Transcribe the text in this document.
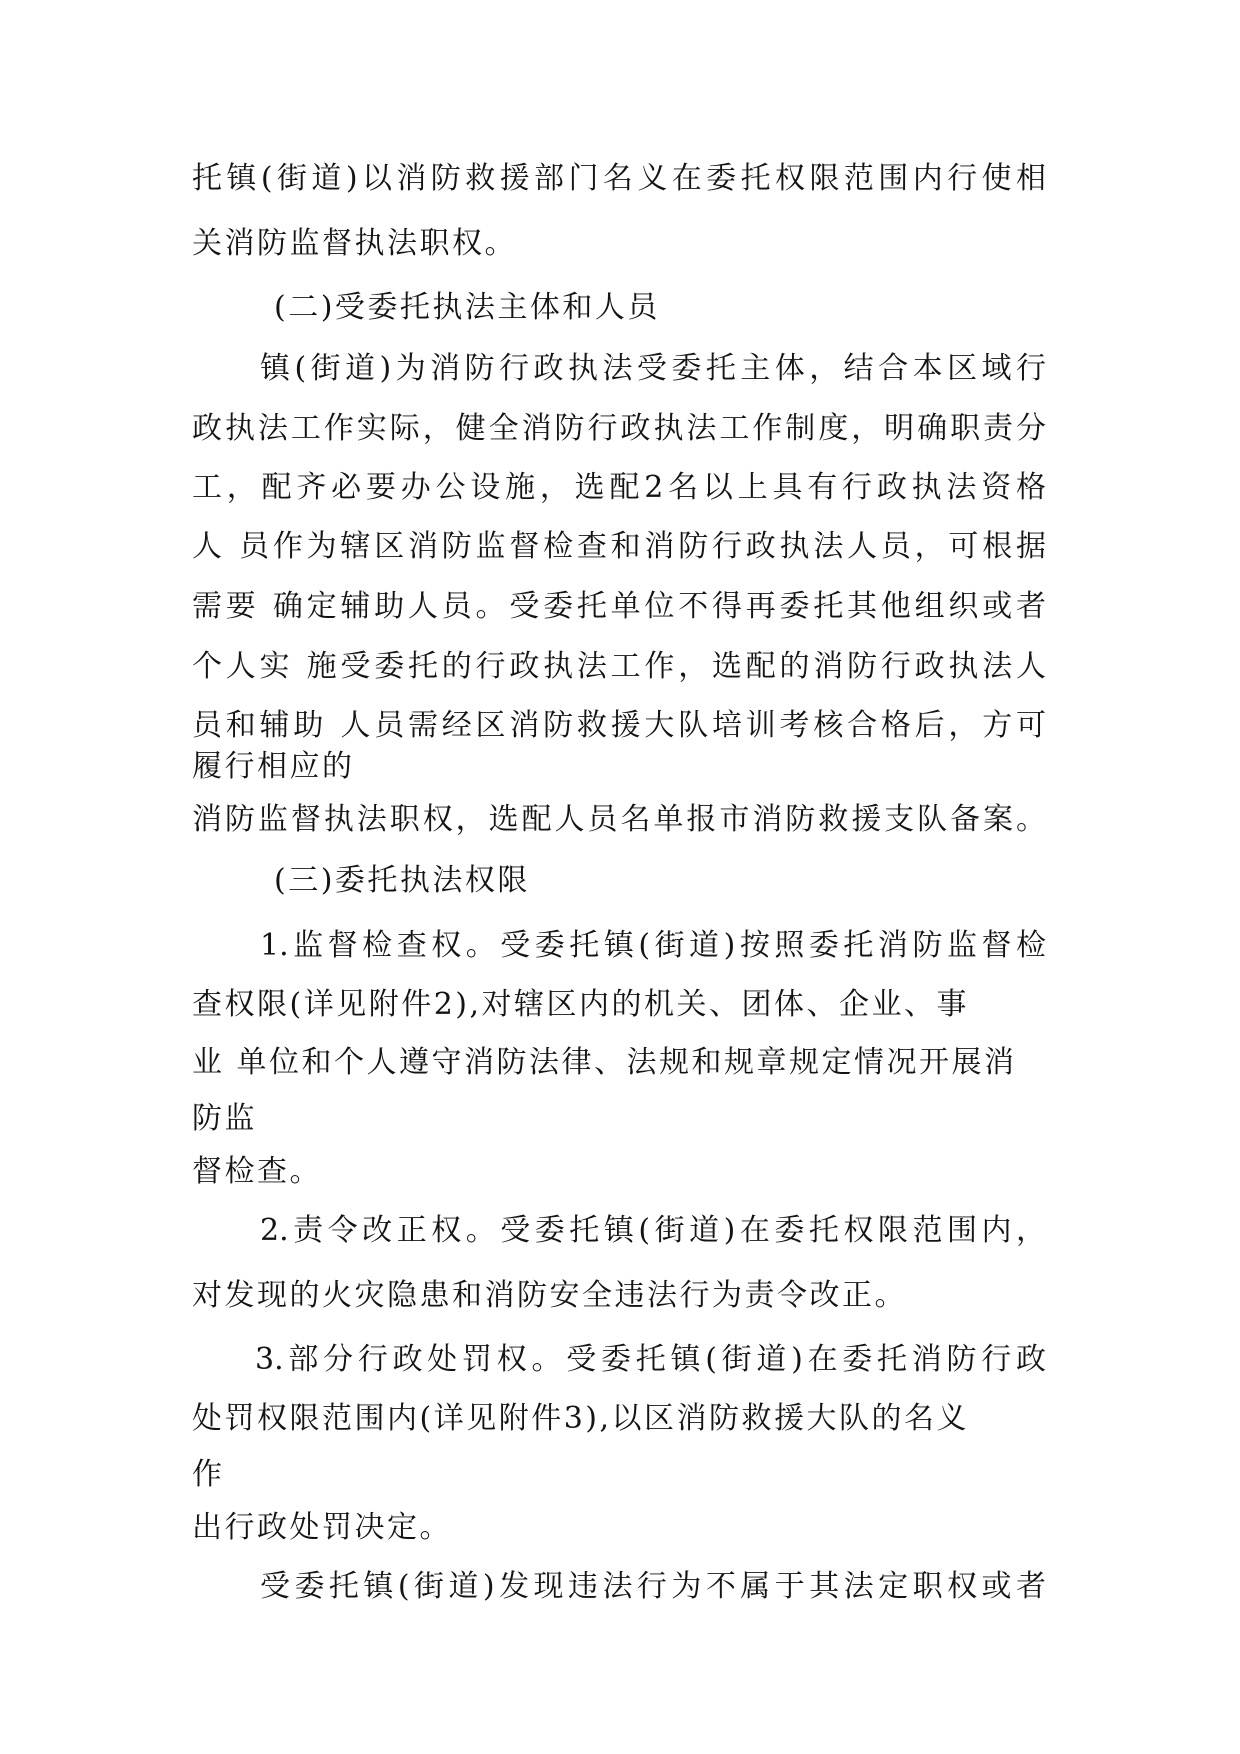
托镇(街道)以消防救援部门名义在委托权限范围内行使相
关消防监督执法职权。
(二)受委托执法主体和人员
镇(街道)为消防行政执法受委托主体，结合本区域行
政执法工作实际，健全消防行政执法工作制度，明确职责分
工，配齐必要办公设施，选配2名以上具有行政执法资格
人 员作为辖区消防监督检查和消防行政执法人员，可根据
需要 确定辅助人员。受委托单位不得再委托其他组织或者
个人实 施受委托的行政执法工作，选配的消防行政执法人
员和辅助 人员需经区消防救援大队培训考核合格后，方可
履行相应的
消防监督执法职权，选配人员名单报市消防救援支队备案。
(三)委托执法权限
1.监督检查权。受委托镇(街道)按照委托消防监督检
查权限(详见附件2),对辖区内的机关、团体、企业、事
业 单位和个人遵守消防法律、法规和规章规定情况开展消
防监
督检查。
2.责令改正权。受委托镇(街道)在委托权限范围内，
对发现的火灾隐患和消防安全违法行为责令改正。
3.部分行政处罚权。受委托镇(街道)在委托消防行政
处罚权限范围内(详见附件3),以区消防救援大队的名义
作
出行政处罚决定。
受委托镇(街道)发现违法行为不属于其法定职权或者
